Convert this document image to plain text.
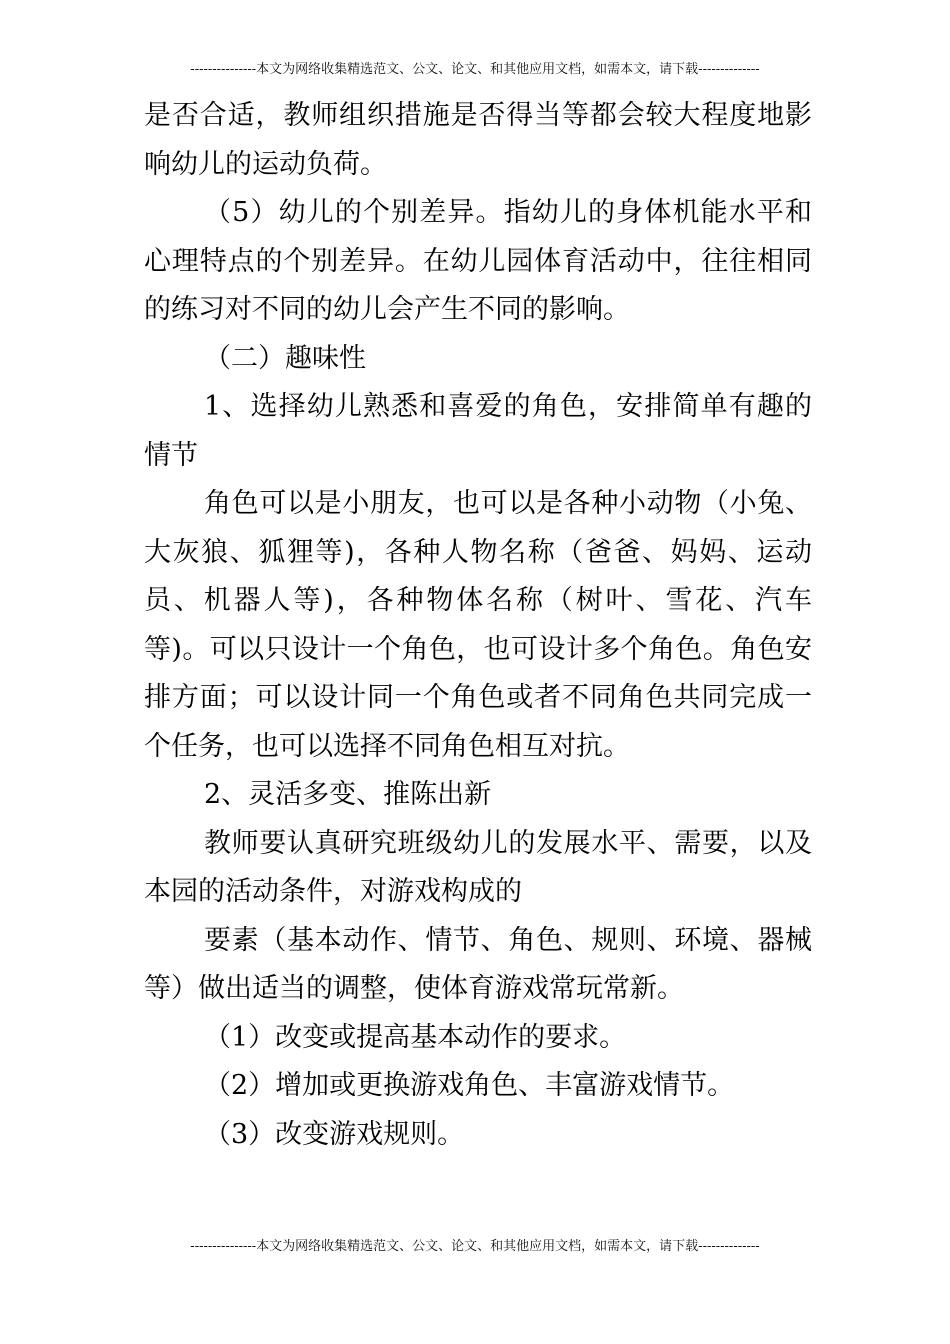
---------------本文为网络收集精选范文、公文、论文、和其他应用文档，如需本文，请下载--------------

是否合适，教师组织措施是否得当等都会较大程度地影响幼儿的运动负荷。

（5）幼儿的个别差异。指幼儿的身体机能水平和心理特点的个别差异。在幼儿园体育活动中，往往相同的练习对不同的幼儿会产生不同的影响。

（二）趣味性

1、选择幼儿熟悉和喜爱的角色，安排简单有趣的情节

角色可以是小朋友，也可以是各种小动物（小兔、大灰狼、狐狸等)，各种人物名称（爸爸、妈妈、运动员、机器人等)，各种物体名称（树叶、雪花、汽车等)。可以只设计一个角色，也可设计多个角色。角色安排方面；可以设计同一个角色或者不同角色共同完成一个任务，也可以选择不同角色相互对抗。

2、灵活多变、推陈出新

教师要认真研究班级幼儿的发展水平、需要，以及本园的活动条件，对游戏构成的

要素（基本动作、情节、角色、规则、环境、器械等）做出适当的调整，使体育游戏常玩常新。

（1）改变或提高基本动作的要求。

（2）增加或更换游戏角色、丰富游戏情节。

（3）改变游戏规则。

---------------本文为网络收集精选范文、公文、论文、和其他应用文档，如需本文，请下载--------------
